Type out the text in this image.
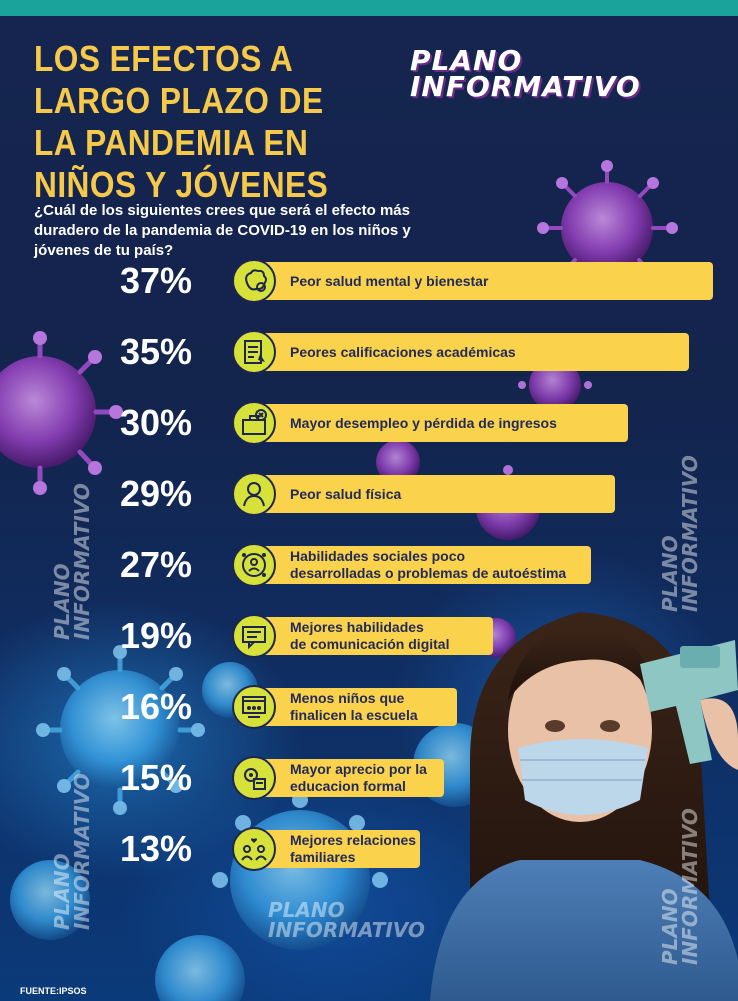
LOS EFECTOS A LARGO PLAZO DE LA PANDEMIA EN NIÑOS Y JÓVENES
PLANO
INFORMATIVO
¿Cuál de los siguientes crees que será el efecto más duradero de la pandemia de COVID-19 en los niños y jóvenes de tu país?
37%	Peor salud mental y bienestar
35%	Peores calificaciones académicas
30%	Mayor desempleo y pérdida de ingresos
29%	Peor salud física
27%	Habilidades sociales poco
desarrolladas o problemas de autoéstima
19%	Mejores habilidades
de comunicación digital
16%	Menos niños que
finalicen la escuela
15%	Mayor aprecio por la
educacion formal
13%	Mejores relaciones
familiares
PLANO
INFORMATIVO
PLANO
INFORMATIVO
PLANO
INFORMATIVO
PLANO
INFORMATIVO
PLANO
INFORMATIVO
FUENTE:IPSOS
